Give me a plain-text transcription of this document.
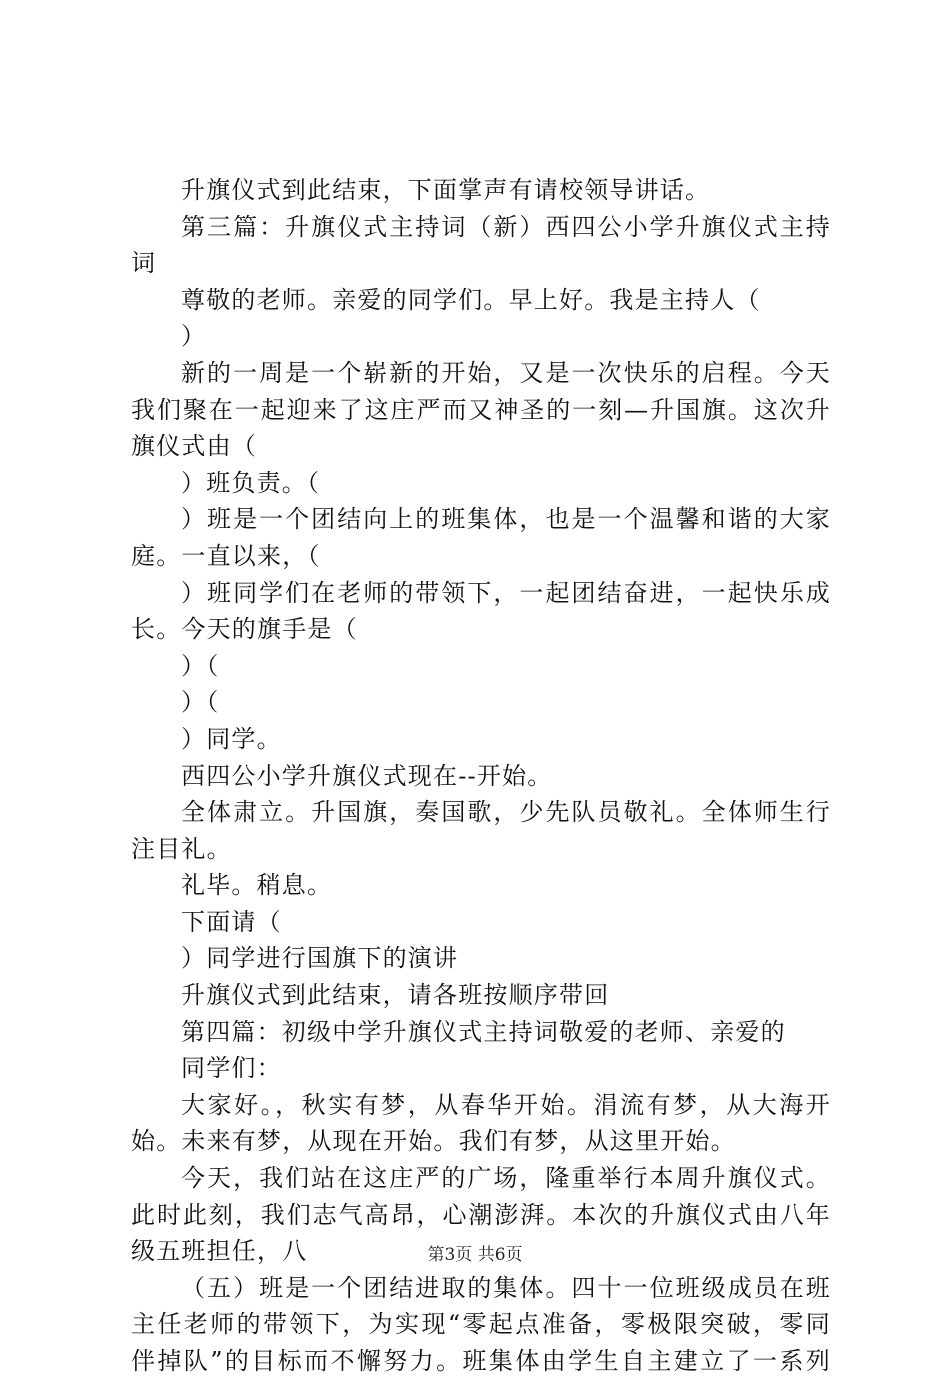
升旗仪式到此结束，下面掌声有请校领导讲话。
第三篇：升旗仪式主持词（新）西四公小学升旗仪式主持
词
尊敬的老师。亲爱的同学们。早上好。我是主持人（
）
新的一周是一个崭新的开始，又是一次快乐的启程。今天
我们聚在一起迎来了这庄严而又神圣的一刻—升国旗。这次升
旗仪式由（
）班负责。（
）班是一个团结向上的班集体，也是一个温馨和谐的大家
庭。一直以来，（
）班同学们在老师的带领下，一起团结奋进，一起快乐成
长。今天的旗手是（
）（
）（
）同学。
西四公小学升旗仪式现在--开始。
全体肃立。升国旗，奏国歌，少先队员敬礼。全体师生行
注目礼。
礼毕。稍息。
下面请（
）同学进行国旗下的演讲
升旗仪式到此结束，请各班按顺序带回
第四篇：初级中学升旗仪式主持词敬爱的老师、亲爱的
同学们：
大家好。，秋实有梦，从春华开始。涓流有梦，从大海开
始。未来有梦，从现在开始。我们有梦，从这里开始。
今天，我们站在这庄严的广场，隆重举行本周升旗仪式。
此时此刻，我们志气高昂，心潮澎湃。本次的升旗仪式由八年
级五班担任，八
（五）班是一个团结进取的集体。四十一位班级成员在班
主任老师的带领下，为实现“零起点准备，零极限突破，零同
伴掉队”的目标而不懈努力。班集体由学生自主建立了一系列
第3页 共6页
